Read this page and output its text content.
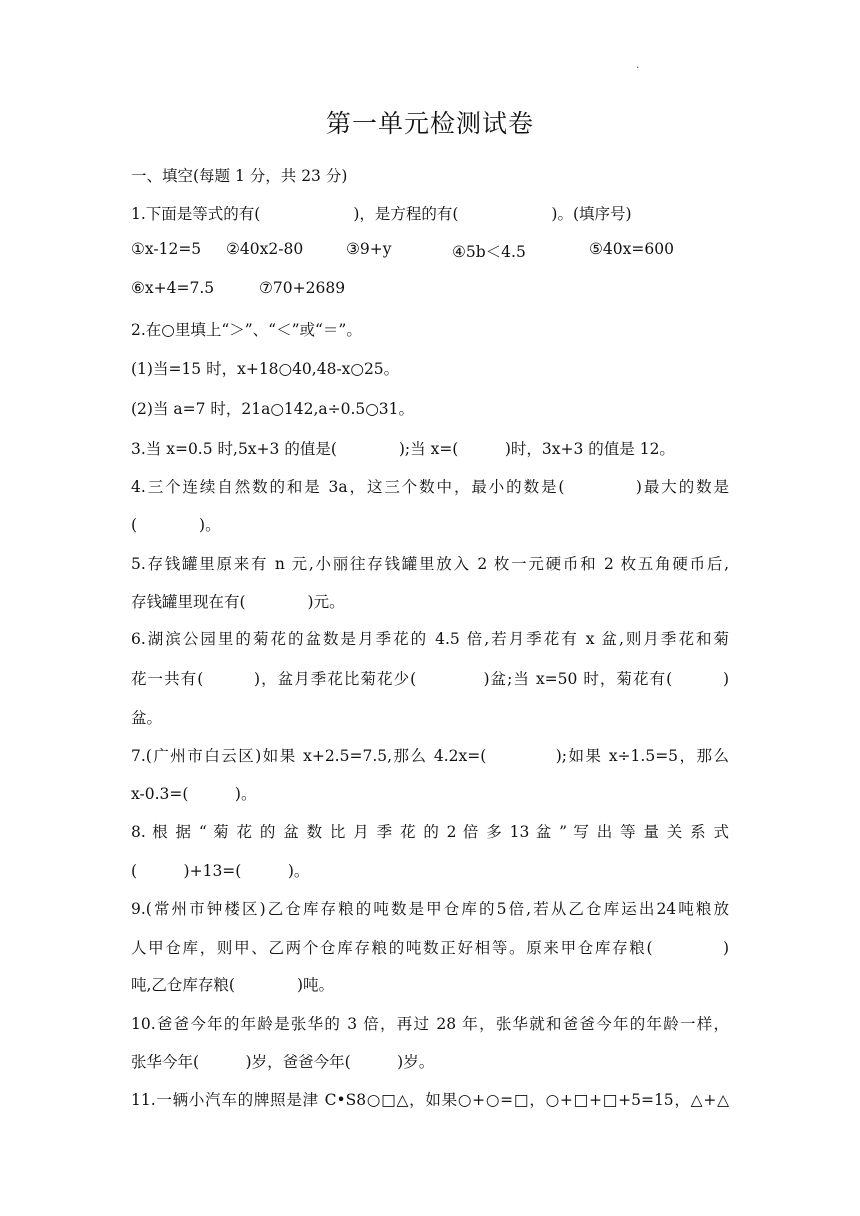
.
第一单元检测试卷
一、填空(每题 1 分，共 23 分)
1.下面是等式的有(　　　　　　)，是方程的有(　　　　　　)。(填序号)
①x-12=5 ②40x2-80	③9+y	④5b＜4.5	⑤40x=600
⑥x+4=7.5	⑦70+2689
2.在○里填上“＞”、“＜”或“＝”。
(1)当=15 时，x+18○40,48-x○25。
(2)当 a=7 时，21a○142,a÷0.5○31。
3.当 x=0.5 时,5x+3 的值是(　　　　);当 x=(　　　)时，3x+3 的值是 12。
4.三个连续自然数的和是 3a，这三个数中，最小的数是(　　　　)最大的数是
(　　　　)。
5.存钱罐里原来有 n 元,小丽往存钱罐里放入 2 枚一元硬币和 2 枚五角硬币后,
存钱罐里现在有(　　　　)元。
6.湖滨公园里的菊花的盆数是月季花的 4.5 倍,若月季花有 x 盆,则月季花和菊
花一共有(　　　)，盆月季花比菊花少(　　　　)盆;当 x=50 时，菊花有(　　　)
盆。
7.(广州市白云区)如果 x+2.5=7.5,那么 4.2x=(　　　　);如果 x÷1.5=5，那么
x-0.3=(　　　)。
8. 根 据 “ 菊 花 的 盆 数 比 月 季 花 的 2 倍 多 13 盆 ” 写 出 等 量 关 系 式
(　　　)+13=(　　　)。
9.(常州市钟楼区)乙仓库存粮的吨数是甲仓库的5倍,若从乙仓库运出24吨粮放
人甲仓库，则甲、乙两个仓库存粮的吨数正好相等。原来甲仓库存粮(　　　　)
吨,乙仓库存粮(　　　　)吨。
10.爸爸今年的年龄是张华的 3 倍，再过 28 年，张华就和爸爸今年的年龄一样，
张华今年(　　　)岁，爸爸今年(　　　)岁。
11.一辆小汽车的牌照是津 C•S8○□△，如果○+○=□，○+□+□+5=15，△+△
